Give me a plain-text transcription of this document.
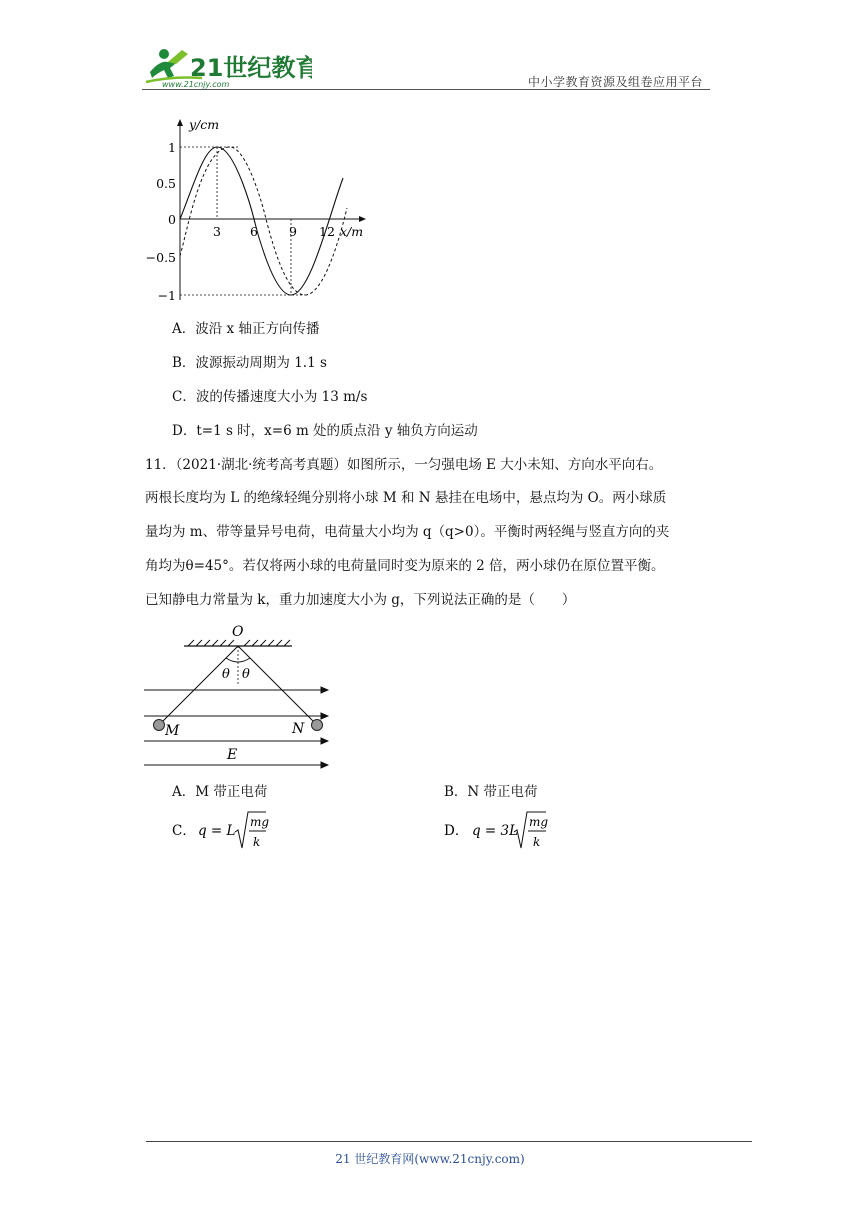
21世纪教育
www.21cnjy.com	中小学教育资源及组卷应用平台
y/cm
x/m
1
0.5
0
−0.5
−1
3 6 9 12
A．波沿 x 轴正方向传播
B．波源振动周期为 1.1 s
C．波的传播速度大小为 13 m/s
D．t=1 s 时，x=6 m 处的质点沿 y 轴负方向运动
11．（2021·湖北·统考高考真题）如图所示，一匀强电场 E 大小未知、方向水平向右。
两根长度均为 L 的绝缘轻绳分别将小球 M 和 N 悬挂在电场中，悬点均为 O。两小球质
量均为 m、带等量异号电荷，电荷量大小均为 q（q>0）。平衡时两轻绳与竖直方向的夹
角均为θ=45°。若仅将两小球的电荷量同时变为原来的 2 倍，两小球仍在原位置平衡。
已知静电力常量为 k，重力加速度大小为 g，下列说法正确的是（　　）
O
θ θ
M	N
E
A．M 带正电荷	B．N 带正电荷
C． q = L
mg
k
D． q = 3L
mg
k
21 世纪教育网(www.21cnjy.com)
